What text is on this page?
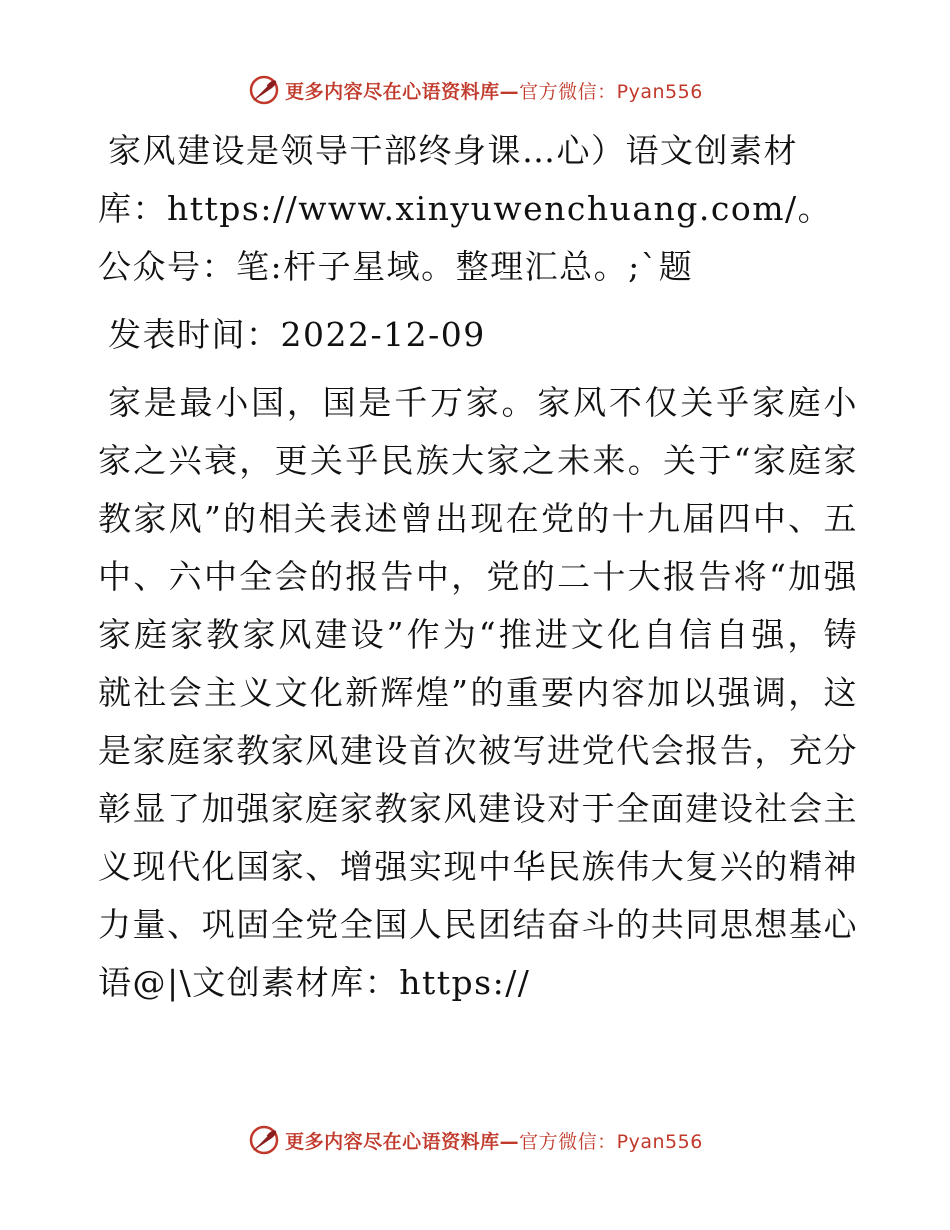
更多内容尽在心语资料库— 官方微信：Pyan556

家风建设是领导干部终身课…心）语文创素材库：https://www.xinyuwenchuang.com/。公众号：笔:杆子星域。整理汇总。;`题

发表时间：2022-12-09

家是最小国，国是千万家。家风不仅关乎家庭小家之兴衰，更关乎民族大家之未来。关于“家庭家教家风”的相关表述曾出现在党的十九届四中、五中、六中全会的报告中，党的二十大报告将“加强家庭家教家风建设”作为“推进文化自信自强，铸就社会主义文化新辉煌”的重要内容加以强调，这是家庭家教家风建设首次被写进党代会报告，充分彰显了加强家庭家教家风建设对于全面建设社会主义现代化国家、增强实现中华民族伟大复兴的精神力量、巩固全党全国人民团结奋斗的共同思想基心语@|\文创素材库：https://

更多内容尽在心语资料库— 官方微信：Pyan556
